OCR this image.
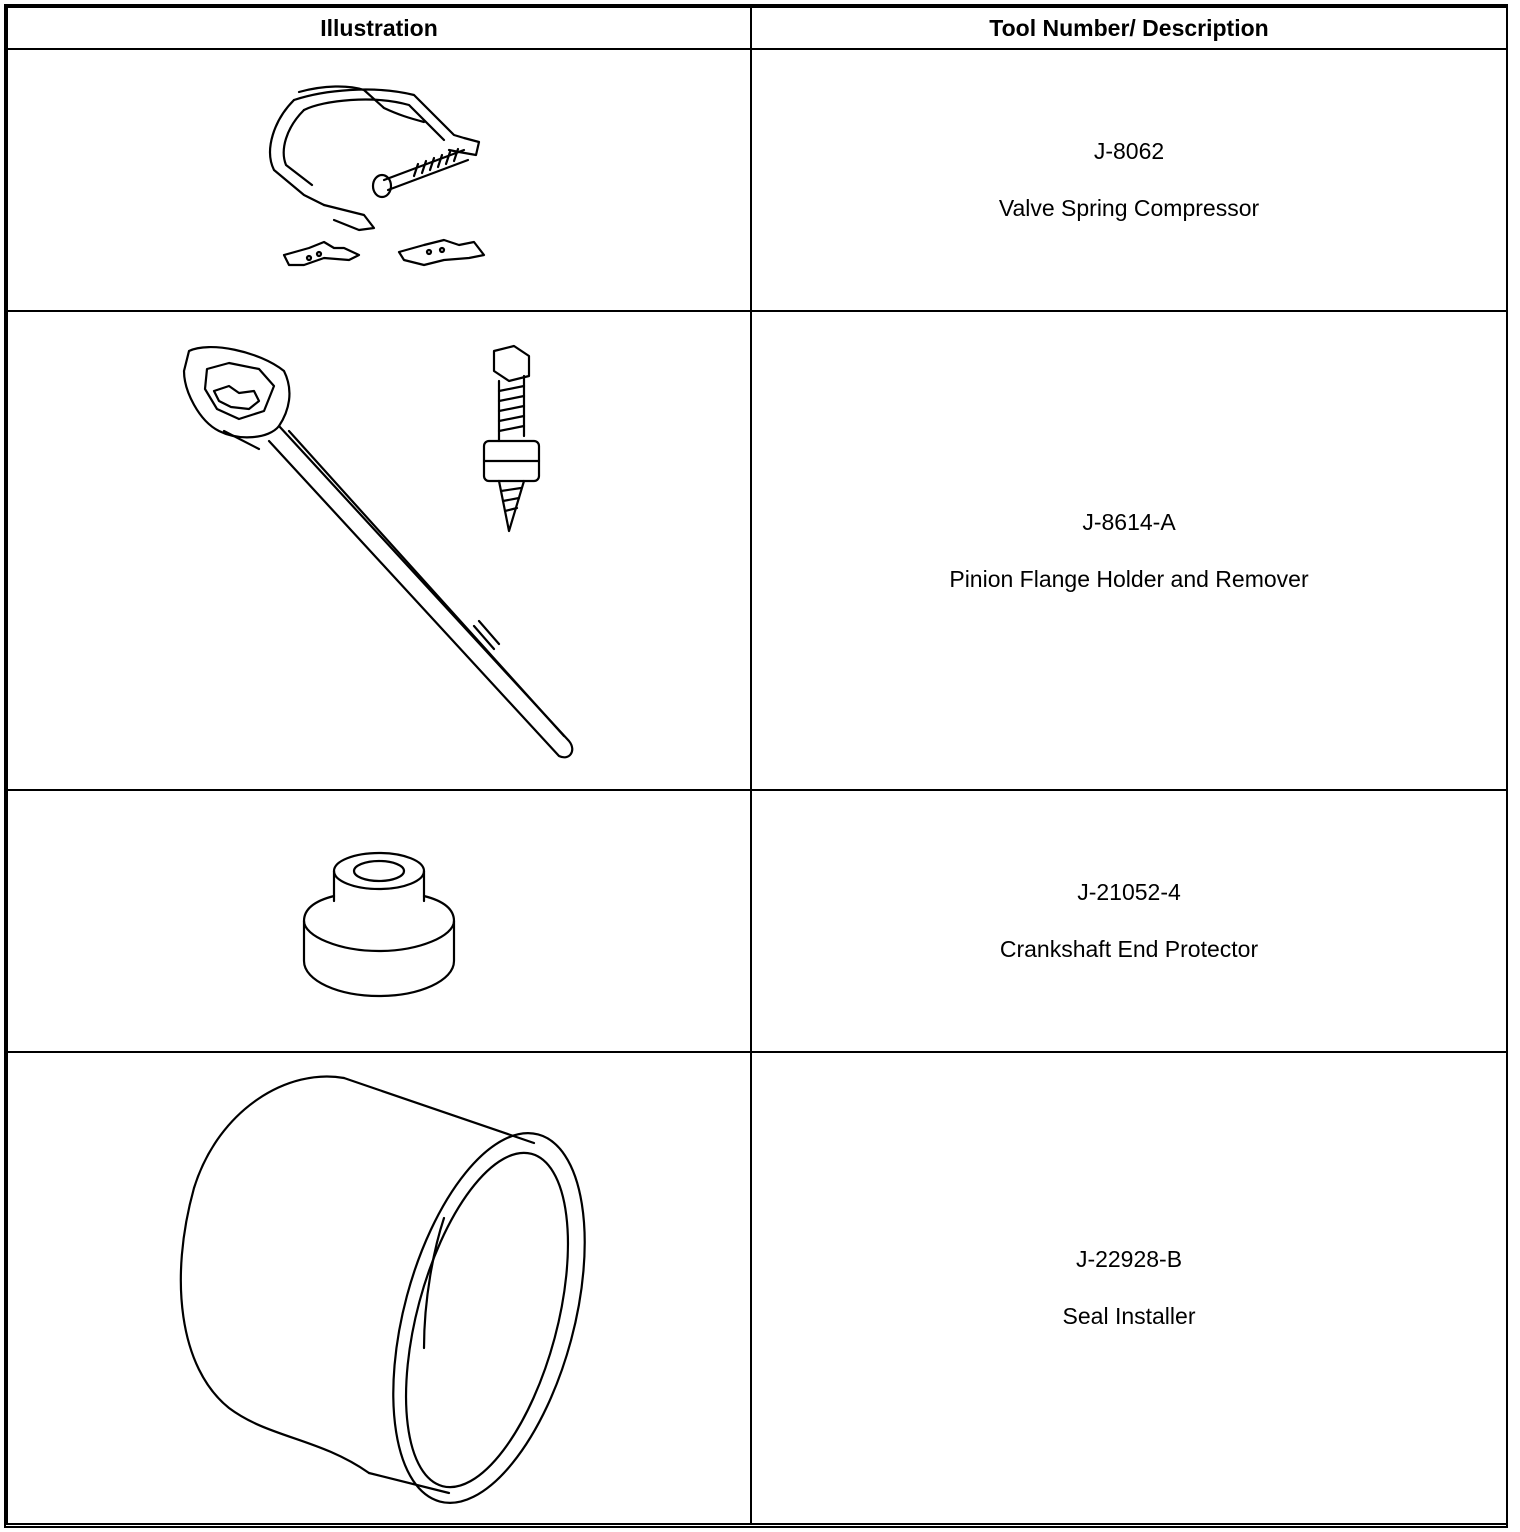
Illustration	Tool Number/ Description

J-8062
Valve Spring Compressor

J-8614-A
Pinion Flange Holder and Remover

J-21052-4
Crankshaft End Protector

J-22928-B
Seal Installer
